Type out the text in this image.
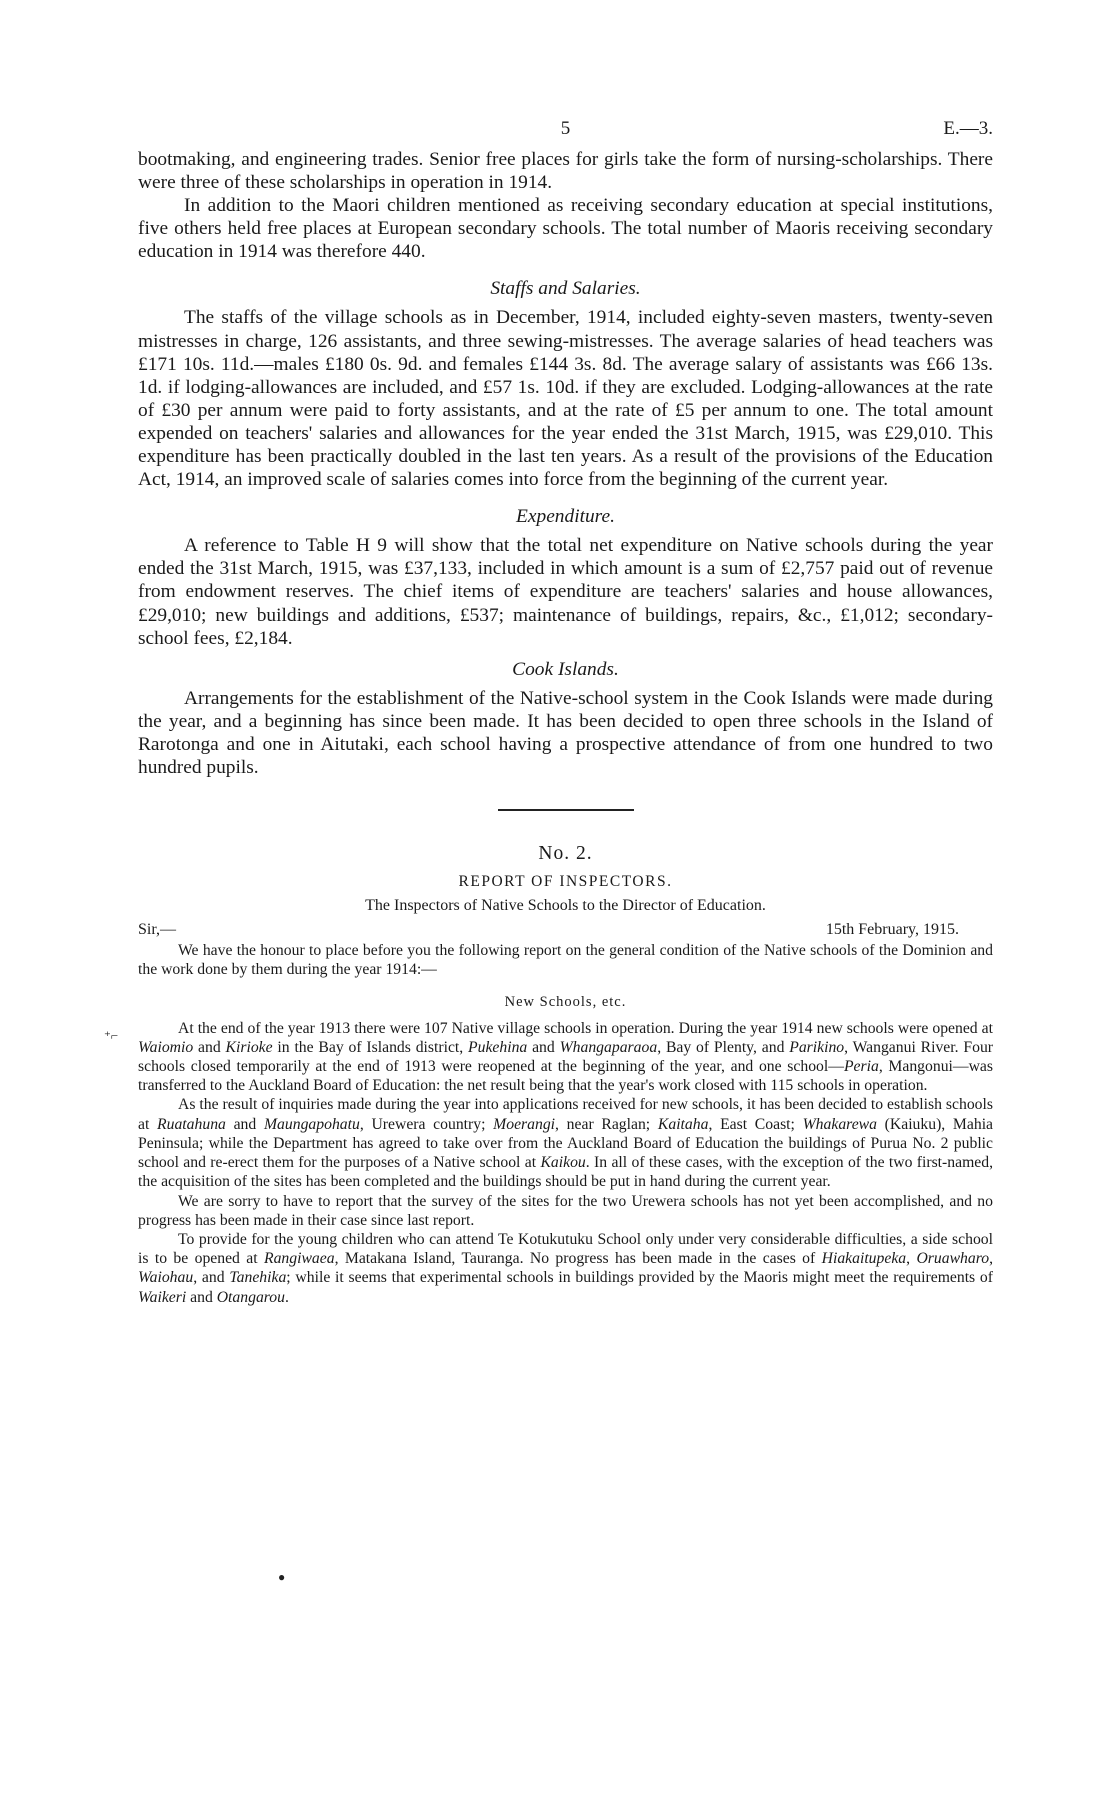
5	E.—3.

bootmaking, and engineering trades. Senior free places for girls take the form of nursing-scholarships. There were three of these scholarships in operation in 1914.

In addition to the Maori children mentioned as receiving secondary education at special institutions, five others held free places at European secondary schools. The total number of Maoris receiving secondary education in 1914 was therefore 440.

Staffs and Salaries.

The staffs of the village schools as in December, 1914, included eighty-seven masters, twenty-seven mistresses in charge, 126 assistants, and three sewing-mistresses. The average salaries of head teachers was £171 10s. 11d.—males £180 0s. 9d. and females £144 3s. 8d. The average salary of assistants was £66 13s. 1d. if lodging-allowances are included, and £57 1s. 10d. if they are excluded. Lodging-allowances at the rate of £30 per annum were paid to forty assistants, and at the rate of £5 per annum to one. The total amount expended on teachers' salaries and allowances for the year ended the 31st March, 1915, was £29,010. This expenditure has been practically doubled in the last ten years. As a result of the provisions of the Education Act, 1914, an improved scale of salaries comes into force from the beginning of the current year.

Expenditure.

A reference to Table H 9 will show that the total net expenditure on Native schools during the year ended the 31st March, 1915, was £37,133, included in which amount is a sum of £2,757 paid out of revenue from endowment reserves. The chief items of expenditure are teachers' salaries and house allowances, £29,010; new buildings and additions, £537; maintenance of buildings, repairs, &c., £1,012; secondary-school fees, £2,184.

Cook Islands.

Arrangements for the establishment of the Native-school system in the Cook Islands were made during the year, and a beginning has since been made. It has been decided to open three schools in the Island of Rarotonga and one in Aitutaki, each school having a prospective attendance of from one hundred to two hundred pupils.

No. 2.
REPORT OF INSPECTORS.
The Inspectors of Native Schools to the Director of Education.
Sir,—	15th February, 1915.

We have the honour to place before you the following report on the general condition of the Native schools of the Dominion and the work done by them during the year 1914:—

New Schools, etc.

At the end of the year 1913 there were 107 Native village schools in operation. During the year 1914 new schools were opened at Waiomio and Kirioke in the Bay of Islands district, Pukehina and Whangaparaoa, Bay of Plenty, and Parikino, Wanganui River. Four schools closed temporarily at the end of 1913 were reopened at the beginning of the year, and one school—Peria, Mangonui—was transferred to the Auckland Board of Education: the net result being that the year's work closed with 115 schools in operation.

As the result of inquiries made during the year into applications received for new schools, it has been decided to establish schools at Ruatahuna and Maungapohatu, Urewera country; Moerangi, near Raglan; Kaitaha, East Coast; Whakarewa (Kaiuku), Mahia Peninsula; while the Department has agreed to take over from the Auckland Board of Education the buildings of Purua No. 2 public school and re-erect them for the purposes of a Native school at Kaikou. In all of these cases, with the exception of the two first-named, the acquisition of the sites has been completed and the buildings should be put in hand during the current year.

We are sorry to have to report that the survey of the sites for the two Urewera schools has not yet been accomplished, and no progress has been made in their case since last report.

To provide for the young children who can attend Te Kotukutuku School only under very considerable difficulties, a side school is to be opened at Rangiwaea, Matakana Island, Tauranga. No progress has been made in the cases of Hiakaitupeka, Oruawharo, Waiohau, and Tanehika; while it seems that experimental schools in buildings provided by the Maoris might meet the requirements of Waikeri and Otangarou.

⁺⌐
●
